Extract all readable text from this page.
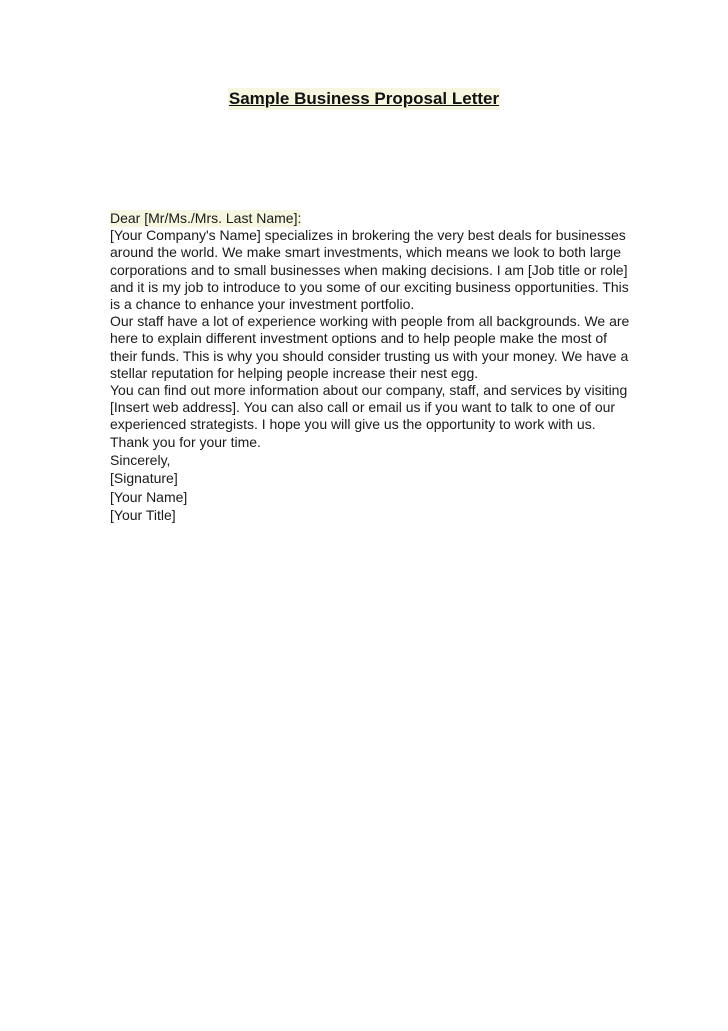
Sample Business Proposal Letter

Dear [Mr/Ms./Mrs. Last Name]:

[Your Company's Name] specializes in brokering the very best deals for businesses around the world. We make smart investments, which means we look to both large corporations and to small businesses when making decisions. I am [Job title or role] and it is my job to introduce to you some of our exciting business opportunities. This is a chance to enhance your investment portfolio.

Our staff have a lot of experience working with people from all backgrounds. We are here to explain different investment options and to help people make the most of their funds. This is why you should consider trusting us with your money. We have a stellar reputation for helping people increase their nest egg.

You can find out more information about our company, staff, and services by visiting [Insert web address]. You can also call or email us if you want to talk to one of our experienced strategists. I hope you will give us the opportunity to work with us. Thank you for your time.

Sincerely,

[Signature]

[Your Name]

[Your Title]
